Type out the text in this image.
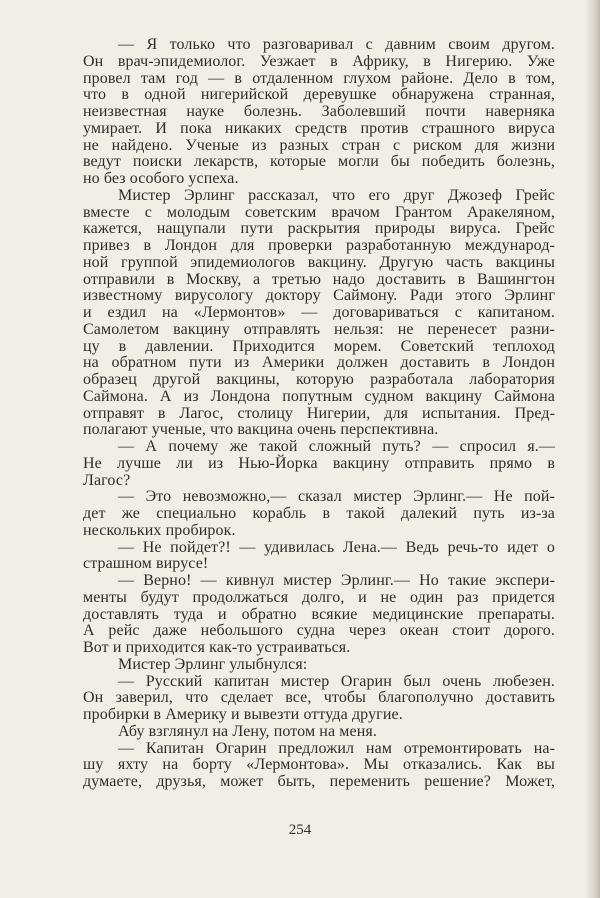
— Я только что разговаривал с давним своим другом.
Он врач-эпидемиолог. Уезжает в Африку, в Нигерию. Уже
провел там год — в отдаленном глухом районе. Дело в том,
что в одной нигерийской деревушке обнаружена странная,
неизвестная науке болезнь. Заболевший почти наверняка
умирает. И пока никаких средств против страшного вируса
не найдено. Ученые из разных стран с риском для жизни
ведут поиски лекарств, которые могли бы победить болезнь,
но без особого успеха.
Мистер Эрлинг рассказал, что его друг Джозеф Грейс
вместе с молодым советским врачом Грантом Аракеляном,
кажется, нащупали пути раскрытия природы вируса. Грейс
привез в Лондон для проверки разработанную международ-
ной группой эпидемиологов вакцину. Другую часть вакцины
отправили в Москву, а третью надо доставить в Вашингтон
известному вирусологу доктору Саймону. Ради этого Эрлинг
и ездил на «Лермонтов» — договариваться с капитаном.
Самолетом вакцину отправлять нельзя: не перенесет разни-
цу в давлении. Приходится морем. Советский теплоход
на обратном пути из Америки должен доставить в Лондон
образец другой вакцины, которую разработала лаборатория
Саймона. А из Лондона попутным судном вакцину Саймона
отправят в Лагос, столицу Нигерии, для испытания. Пред-
полагают ученые, что вакцина очень перспективна.
— А почему же такой сложный путь? — спросил я.—
Не лучше ли из Нью-Йорка вакцину отправить прямо в
Лагос?
— Это невозможно,— сказал мистер Эрлинг.— Не пой-
дет же специально корабль в такой далекий путь из-за
нескольких пробирок.
— Не пойдет?! — удивилась Лена.— Ведь речь-то идет о
страшном вирусе!
— Верно! — кивнул мистер Эрлинг.— Но такие экспери-
менты будут продолжаться долго, и не один раз придется
доставлять туда и обратно всякие медицинские препараты.
А рейс даже небольшого судна через океан стоит дорого.
Вот и приходится как-то устраиваться.
Мистер Эрлинг улыбнулся:
— Русский капитан мистер Огарин был очень любезен.
Он заверил, что сделает все, чтобы благополучно доставить
пробирки в Америку и вывезти оттуда другие.
Абу взглянул на Лену, потом на меня.
— Капитан Огарин предложил нам отремонтировать на-
шу яхту на борту «Лермонтова». Мы отказались. Как вы
думаете, друзья, может быть, переменить решение? Может,
254
